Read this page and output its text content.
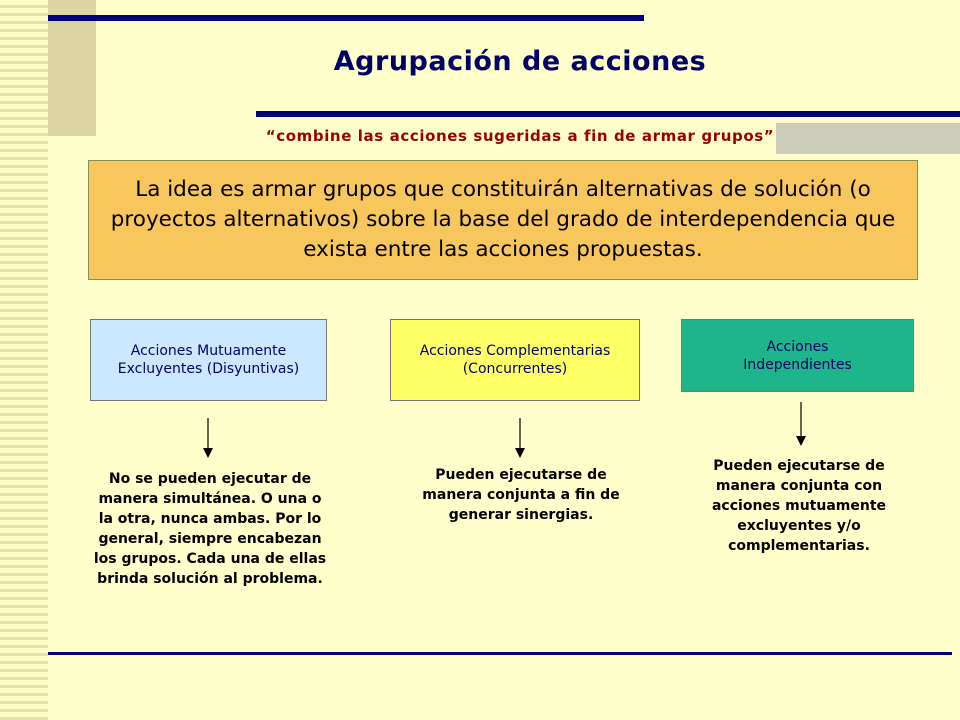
Agrupación de acciones
“combine las acciones sugeridas a fin de armar grupos”
La idea es armar grupos que constituirán alternativas de solución (o proyectos alternativos) sobre la base del grado de interdependencia que exista entre las acciones propuestas.
Acciones Mutuamente Excluyentes (Disyuntivas)
Acciones Complementarias (Concurrentes)
Acciones Independientes
No se pueden ejecutar de manera simultánea. O una o la otra, nunca ambas. Por lo general, siempre encabezan los grupos. Cada una de ellas brinda solución al problema.
Pueden ejecutarse de manera conjunta a fin de generar sinergias.
Pueden ejecutarse de manera conjunta con acciones mutuamente excluyentes y/o complementarias.
